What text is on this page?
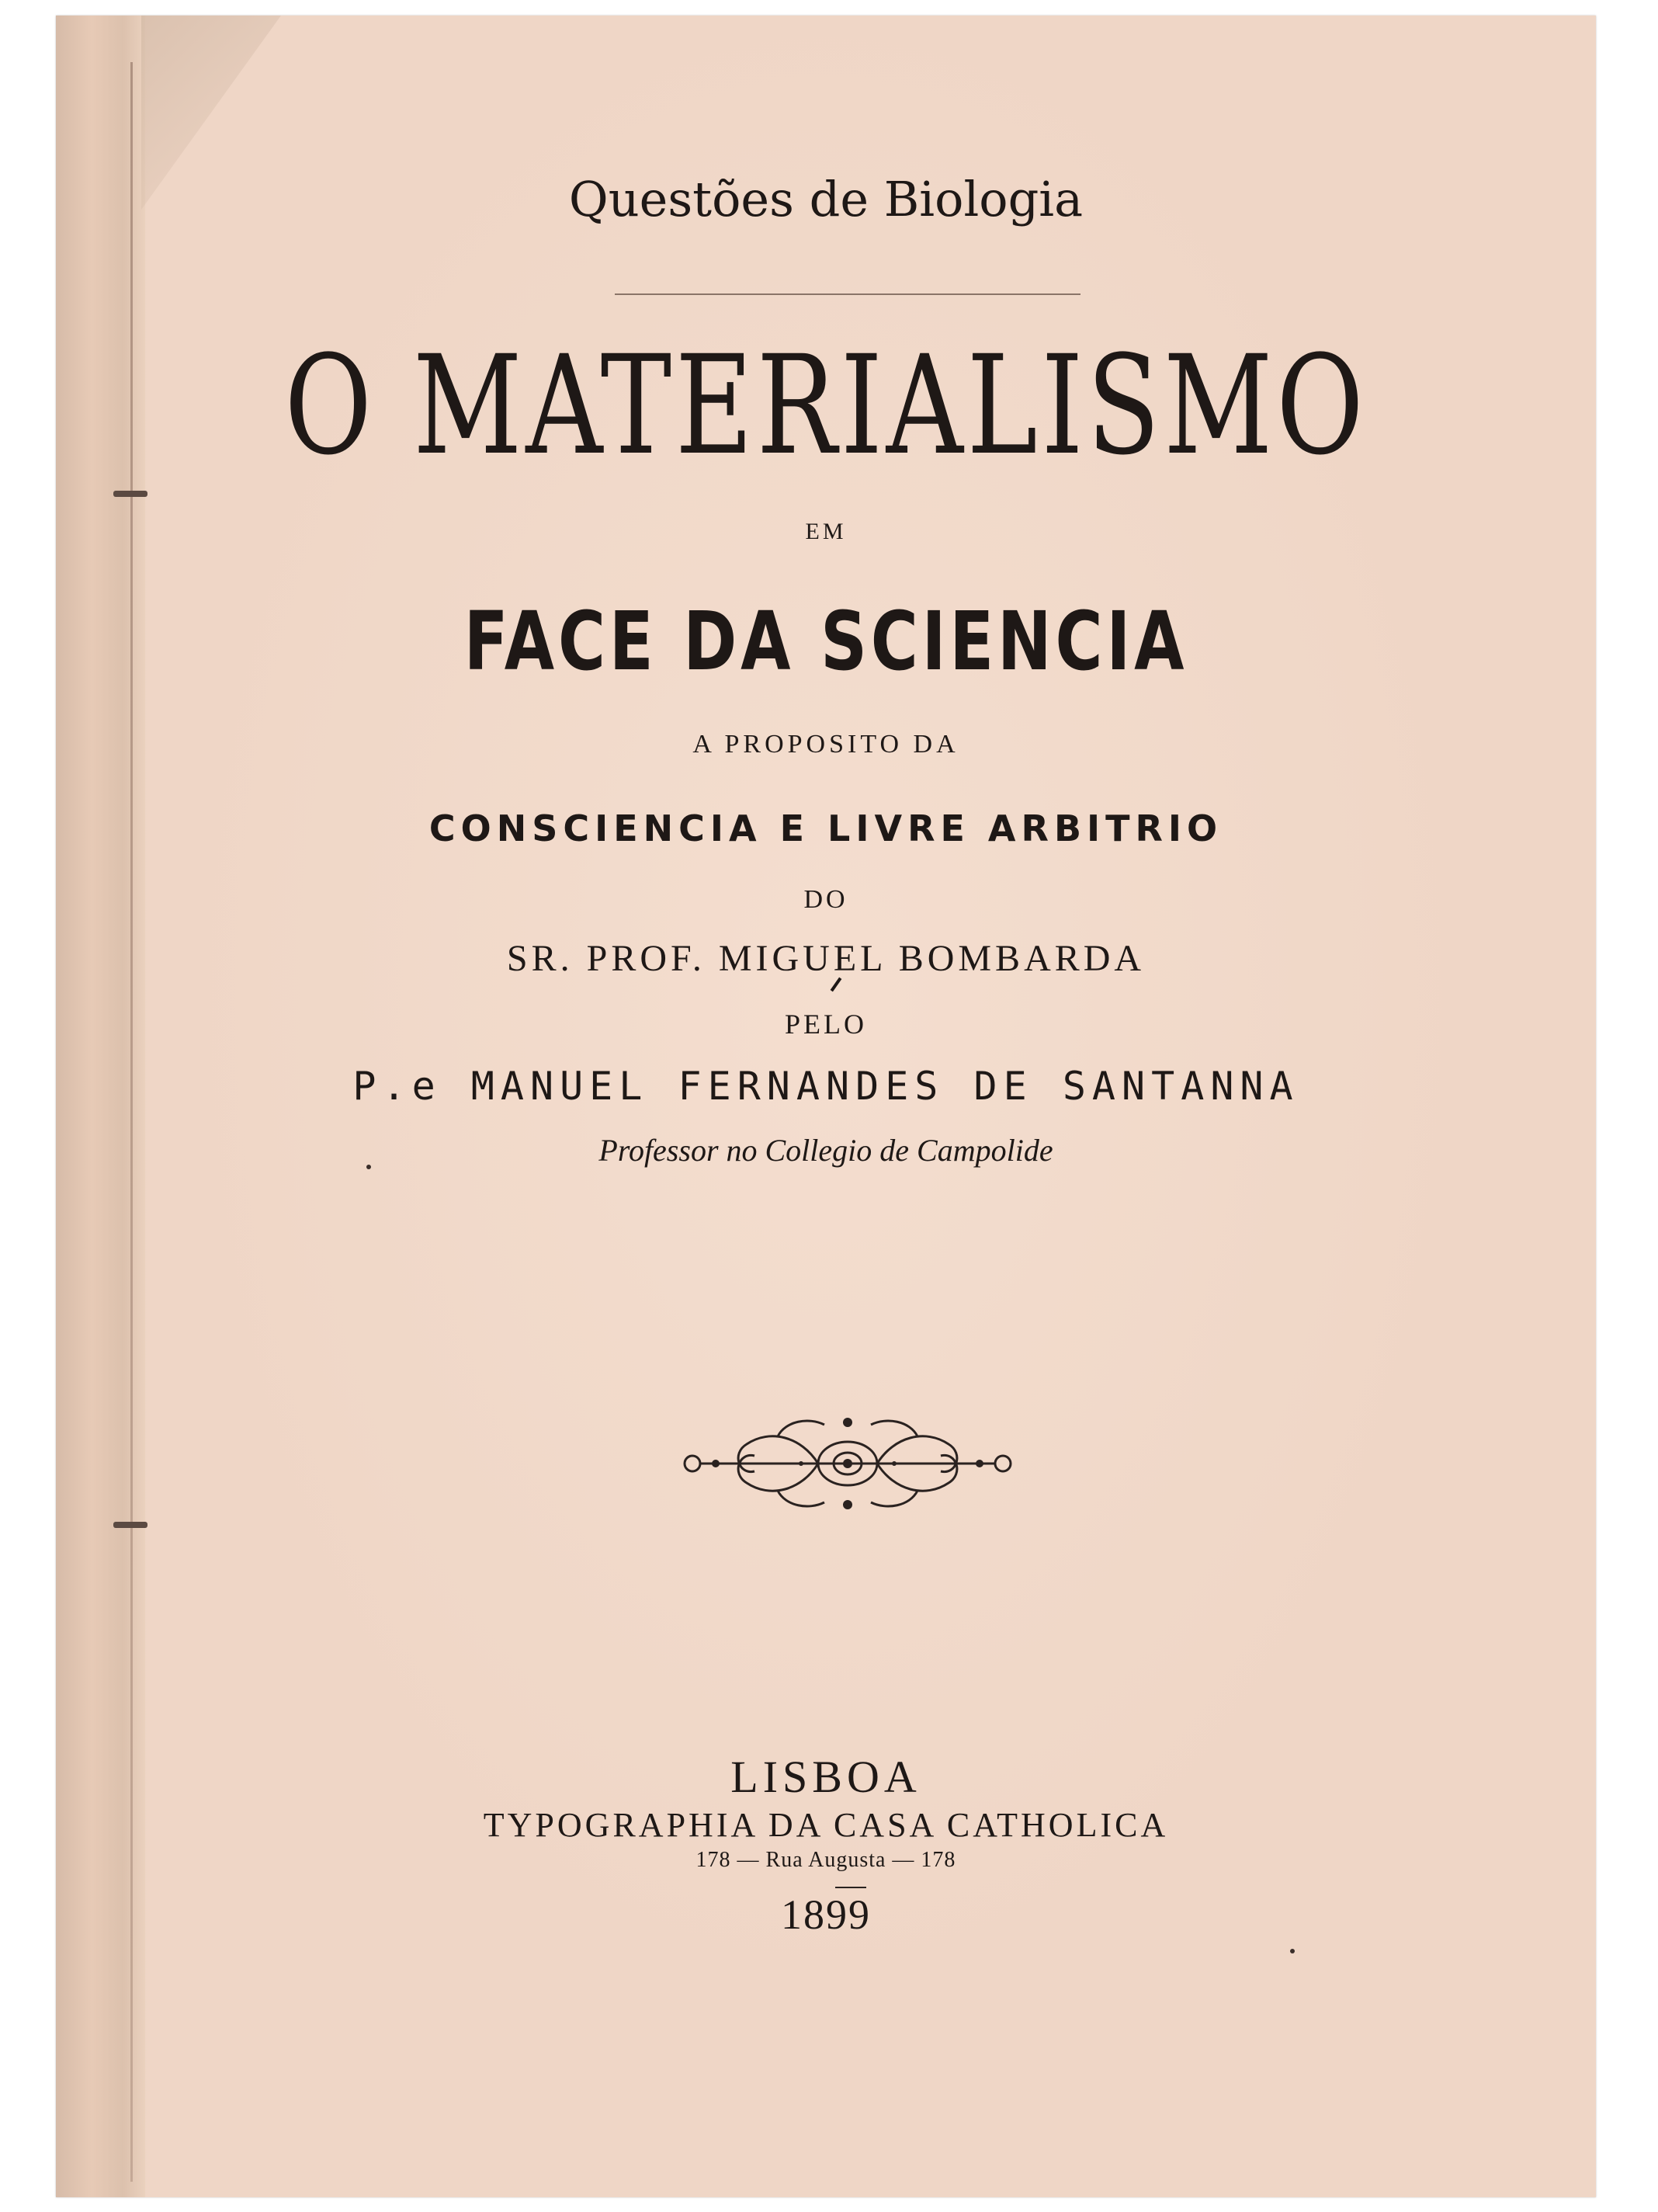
Questões de Biologia
O MATERIALISMO
EM
FACE DA SCIENCIA
A PROPOSITO DA
CONSCIENCIA E LIVRE ARBITRIO
DO
SR. PROF. MIGUEL BOMBARDA
PELO
P.e MANUEL FERNANDES DE SANTANNA
Professor no Collegio de Campolide
LISBOA
TYPOGRAPHIA DA CASA CATHOLICA
178 — Rua Augusta — 178
1899
